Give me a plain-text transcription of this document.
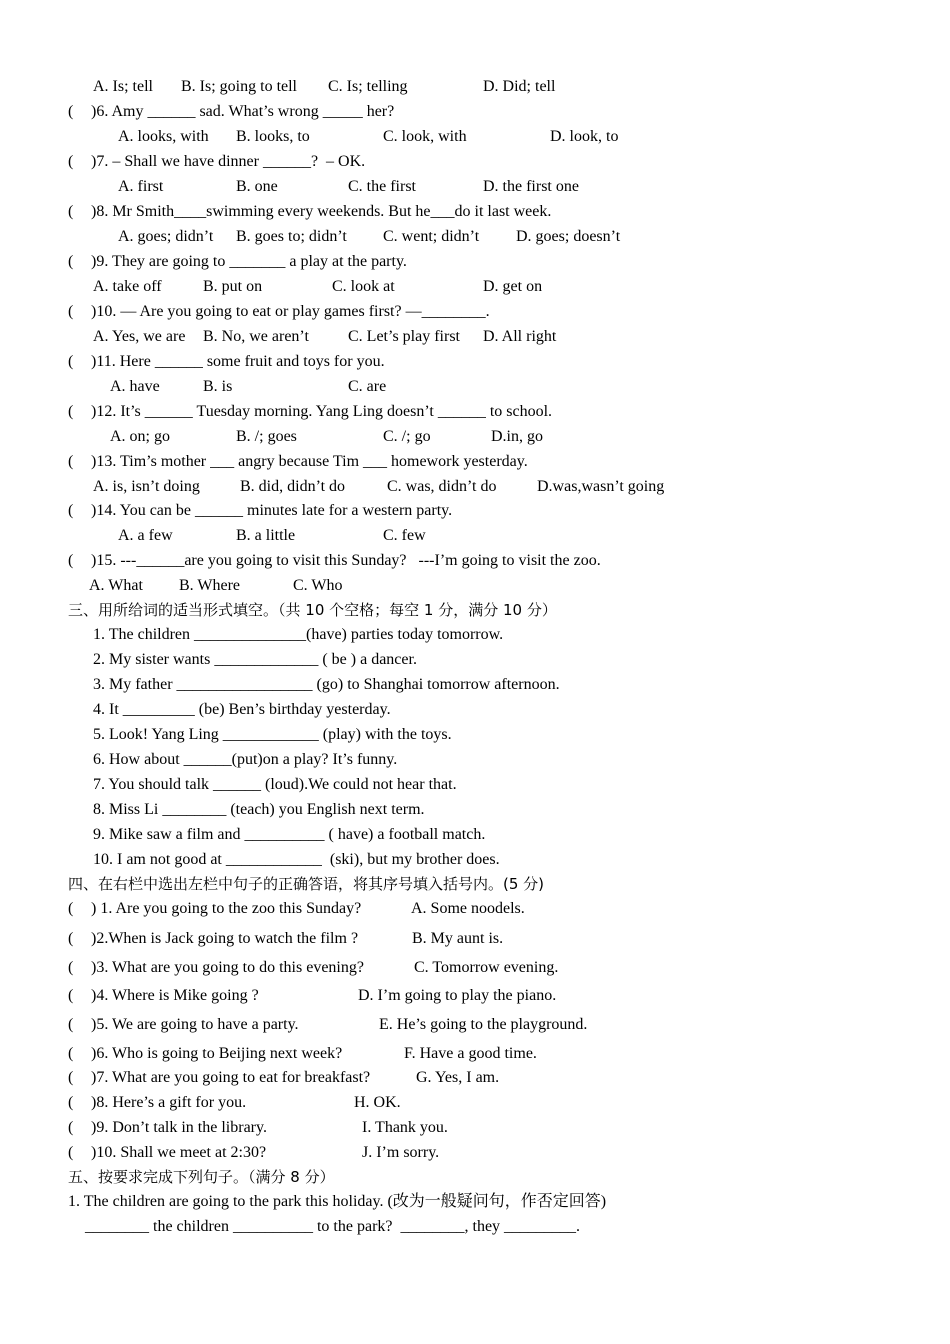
A. Is; tell B. Is; going to tell C. Is; telling	D. Did; tell
( )6. Amy ______ sad. What’s wrong _____ her?
A. looks, with B. looks, to	C. look, with	D. look, to
( )7. – Shall we have dinner ______?  – OK.
A. first	B. one	C. the first	D. the first one
( )8. Mr Smith____swimming every weekends. But he___do it last week.
A. goes; didn’t B. goes to; didn’t C. went; didn’t D. goes; doesn’t
( )9. They are going to _______ a play at the party.
A. take off	B. put on	C. look at	D. get on
( )10. — Are you going to eat or play games first? —________.
A. Yes, we are B. No, we aren’t C. Let’s play first D. All right
( )11. Here ______ some fruit and toys for you.
A. have	B. is	C. are
( )12. It’s ______ Tuesday morning. Yang Ling doesn’t ______ to school.
A. on; go	B. /; goes	C. /; go	D.in, go
( )13. Tim’s mother ___ angry because Tim ___ homework yesterday.
A. is, isn’t doing	B. did, didn’t do	C. was, didn’t do	D.was,wasn’t going
( )14. You can be ______ minutes late for a western party.
A. a few	B. a little	C. few
( )15. ---______are you going to visit this Sunday?   ---I’m going to visit the zoo.
A. What B. Where	C. Who
三、用所给词的适当形式填空。（共 10 个空格；每空 1 分，满分 10 分）
1. The children ______________(have) parties today tomorrow.
2. My sister wants _____________ ( be ) a dancer.
3. My father _________________ (go) to Shanghai tomorrow afternoon.
4. It _________ (be) Ben’s birthday yesterday.
5. Look! Yang Ling ____________ (play) with the toys.
6. How about ______(put)on a play? It’s funny.
7. You should talk ______ (loud).We could not hear that.
8. Miss Li ________ (teach) you English next term.
9. Mike saw a film and __________ ( have) a football match.
10. I am not good at ____________  (ski), but my brother does.
四、在右栏中选出左栏中句子的正确答语，将其序号填入括号内。(5 分)
( ) 1. Are you going to the zoo this Sunday?	A. Some noodels.
( )2.When is Jack going to watch the film ?	B. My aunt is.
( )3. What are you going to do this evening?	C. Tomorrow evening.
( )4. Where is Mike going ?	D. I’m going to play the piano.
( )5. We are going to have a party.	E. He’s going to the playground.
( )6. Who is going to Beijing next week?	F. Have a good time.
( )7. What are you going to eat for breakfast?	G. Yes, I am.
( )8. Here’s a gift for you.	H. OK.
( )9. Don’t talk in the library.	I. Thank you.
( )10. Shall we meet at 2:30?	J. I’m sorry.
五、按要求完成下列句子。（满分 8 分）
1. The children are going to the park this holiday. (改为一般疑问句，作否定回答)
________ the children __________ to the park?  ________, they _________.
